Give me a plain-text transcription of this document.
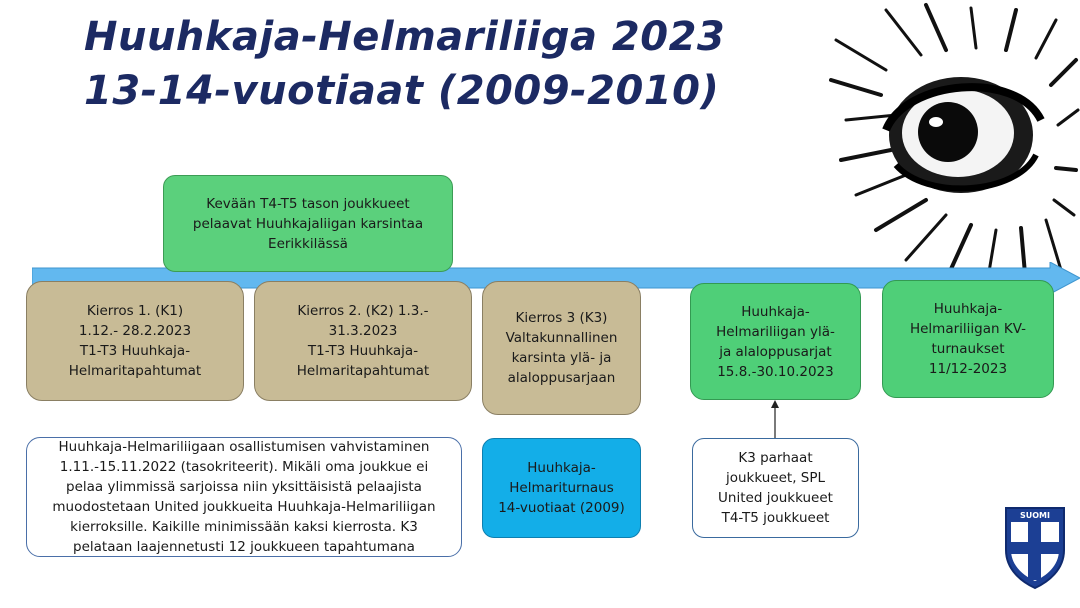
Huuhkaja-Helmariliiga 2023
13-14-vuotiaat (2009-2010)
Kevään T4-T5 tason joukkueet
pelaavat Huuhkajaliigan karsintaa
Eerikkilässä
Kierros 1. (K1)
1.12.- 28.2.2023
T1-T3 Huuhkaja-
Helmaritapahtumat
Kierros 2. (K2) 1.3.-
31.3.2023
T1-T3 Huuhkaja-
Helmaritapahtumat
Kierros 3 (K3)
Valtakunnallinen
karsinta ylä- ja
alaloppusarjaan
Huuhkaja-
Helmariliigan ylä-
ja alaloppusarjat
15.8.-30.10.2023
Huuhkaja-
Helmariliigan KV-
turnaukset
11/12-2023
Huuhkaja-Helmariliigaan osallistumisen vahvistaminen
1.11.-15.11.2022 (tasokriteerit). Mikäli oma joukkue ei
pelaa ylimmissä sarjoissa niin yksittäisistä pelaajista
muodostetaan United joukkueita Huuhkaja-Helmariliigan
kierroksille. Kaikille minimissään kaksi kierrosta. K3
pelataan laajennetusti 12 joukkueen tapahtumana
Huuhkaja-
Helmariturnaus
14-vuotiaat (2009)
K3 parhaat
joukkueet, SPL
United joukkueet
T4-T5 joukkueet	SUOMI
